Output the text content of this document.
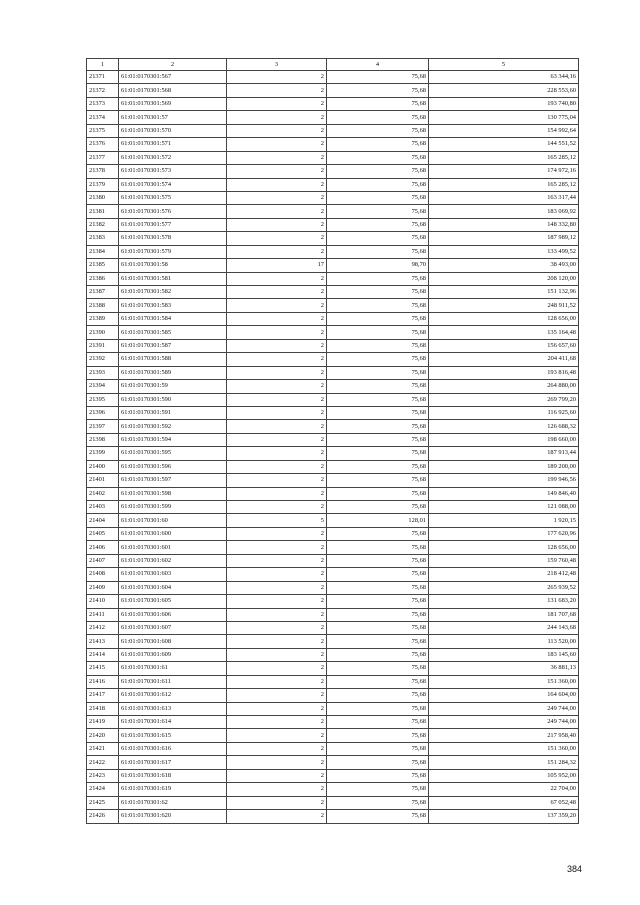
1	2	3	4	5
21371	61:01:0170301:567	2	75,68	63 344,16
21372	61:01:0170301:568	2	75,68	228 553,60
21373	61:01:0170301:569	2	75,68	193 740,80
21374	61:01:0170301:57	2	75,68	130 775,04
21375	61:01:0170301:570	2	75,68	154 992,64
21376	61:01:0170301:571	2	75,68	144 551,52
21377	61:01:0170301:572	2	75,68	165 285,12
21378	61:01:0170301:573	2	75,68	174 972,16
21379	61:01:0170301:574	2	75,68	165 285,12
21380	61:01:0170301:575	2	75,68	163 317,44
21381	61:01:0170301:576	2	75,68	183 069,92
21382	61:01:0170301:577	2	75,68	148 332,80
21383	61:01:0170301:578	2	75,68	187 989,12
21384	61:01:0170301:579	2	75,68	133 499,52
21385	61:01:0170301:58	17	98,70	38 493,00
21386	61:01:0170301:581	2	75,68	208 120,00
21387	61:01:0170301:582	2	75,68	151 132,96
21388	61:01:0170301:583	2	75,68	248 911,52
21389	61:01:0170301:584	2	75,68	128 656,00
21390	61:01:0170301:585	2	75,68	135 164,48
21391	61:01:0170301:587	2	75,68	156 657,60
21392	61:01:0170301:588	2	75,68	204 411,68
21393	61:01:0170301:589	2	75,68	193 816,48
21394	61:01:0170301:59	2	75,68	264 880,00
21395	61:01:0170301:590	2	75,68	269 799,20
21396	61:01:0170301:591	2	75,68	116 925,60
21397	61:01:0170301:592	2	75,68	126 688,32
21398	61:01:0170301:594	2	75,68	198 660,00
21399	61:01:0170301:595	2	75,68	187 913,44
21400	61:01:0170301:596	2	75,68	189 200,00
21401	61:01:0170301:597	2	75,68	199 946,56
21402	61:01:0170301:598	2	75,68	149 846,40
21403	61:01:0170301:599	2	75,68	121 088,00
21404	61:01:0170301:60	5	128,01	1 920,15
21405	61:01:0170301:600	2	75,68	177 620,96
21406	61:01:0170301:601	2	75,68	128 656,00
21407	61:01:0170301:602	2	75,68	159 760,48
21408	61:01:0170301:603	2	75,68	218 412,48
21409	61:01:0170301:604	2	75,68	265 939,52
21410	61:01:0170301:605	2	75,68	131 683,20
21411	61:01:0170301:606	2	75,68	181 707,68
21412	61:01:0170301:607	2	75,68	244 143,68
21413	61:01:0170301:608	2	75,68	113 520,00
21414	61:01:0170301:609	2	75,68	183 145,60
21415	61:01:0170301:61	2	75,68	36 881,13
21416	61:01:0170301:611	2	75,68	151 360,00
21417	61:01:0170301:612	2	75,68	164 604,00
21418	61:01:0170301:613	2	75,68	249 744,00
21419	61:01:0170301:614	2	75,68	249 744,00
21420	61:01:0170301:615	2	75,68	217 958,40
21421	61:01:0170301:616	2	75,68	151 360,00
21422	61:01:0170301:617	2	75,68	151 284,32
21423	61:01:0170301:618	2	75,68	105 952,00
21424	61:01:0170301:619	2	75,68	22 704,00
21425	61:01:0170301:62	2	75,68	67 052,48
21426	61:01:0170301:620	2	75,68	137 359,20
384
